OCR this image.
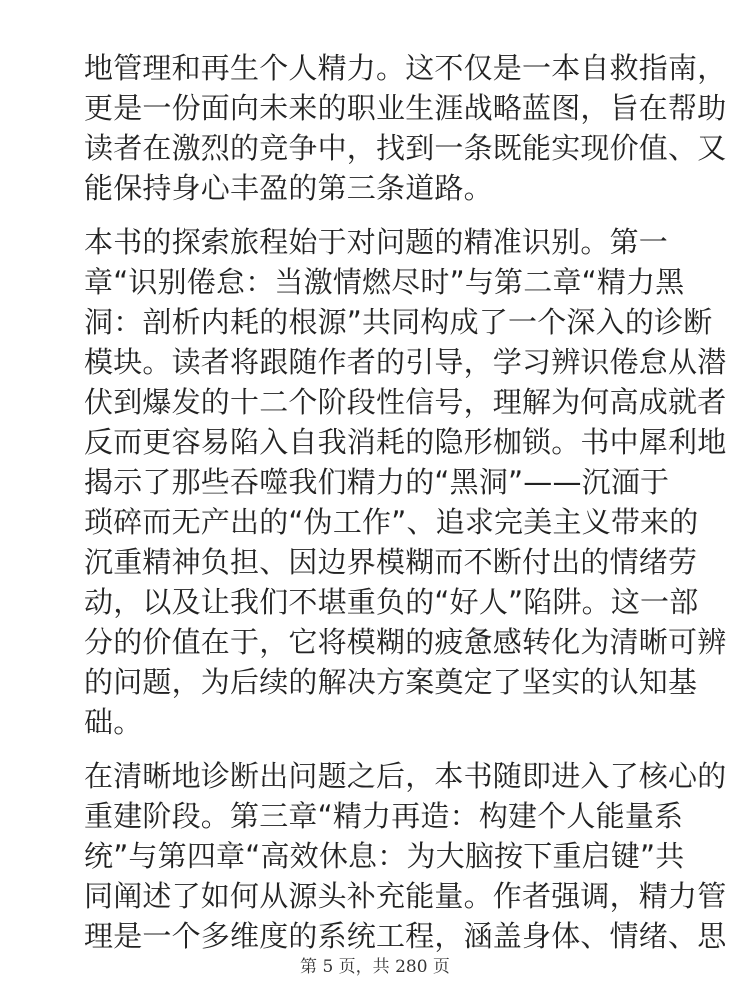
地管理和再生个人精力。这不仅是一本自救指南，
更是一份面向未来的职业生涯战略蓝图，旨在帮助
读者在激烈的竞争中，找到一条既能实现价值、又
能保持身心丰盈的第三条道路。

本书的探索旅程始于对问题的精准识别。第一
章“识别倦怠：当激情燃尽时”与第二章“精力黑
洞：剖析内耗的根源”共同构成了一个深入的诊断
模块。读者将跟随作者的引导，学习辨识倦怠从潜
伏到爆发的十二个阶段性信号，理解为何高成就者
反而更容易陷入自我消耗的隐形枷锁。书中犀利地
揭示了那些吞噬我们精力的“黑洞”——沉湎于
琐碎而无产出的“伪工作”、追求完美主义带来的
沉重精神负担、因边界模糊而不断付出的情绪劳
动，以及让我们不堪重负的“好人”陷阱。这一部
分的价值在于，它将模糊的疲惫感转化为清晰可辨
的问题，为后续的解决方案奠定了坚实的认知基
础。

在清晰地诊断出问题之后，本书随即进入了核心的
重建阶段。第三章“精力再造：构建个人能量系
统”与第四章“高效休息：为大脑按下重启键”共
同阐述了如何从源头补充能量。作者强调，精力管
理是一个多维度的系统工程，涵盖身体、情绪、思

第 5 页，共 280 页
